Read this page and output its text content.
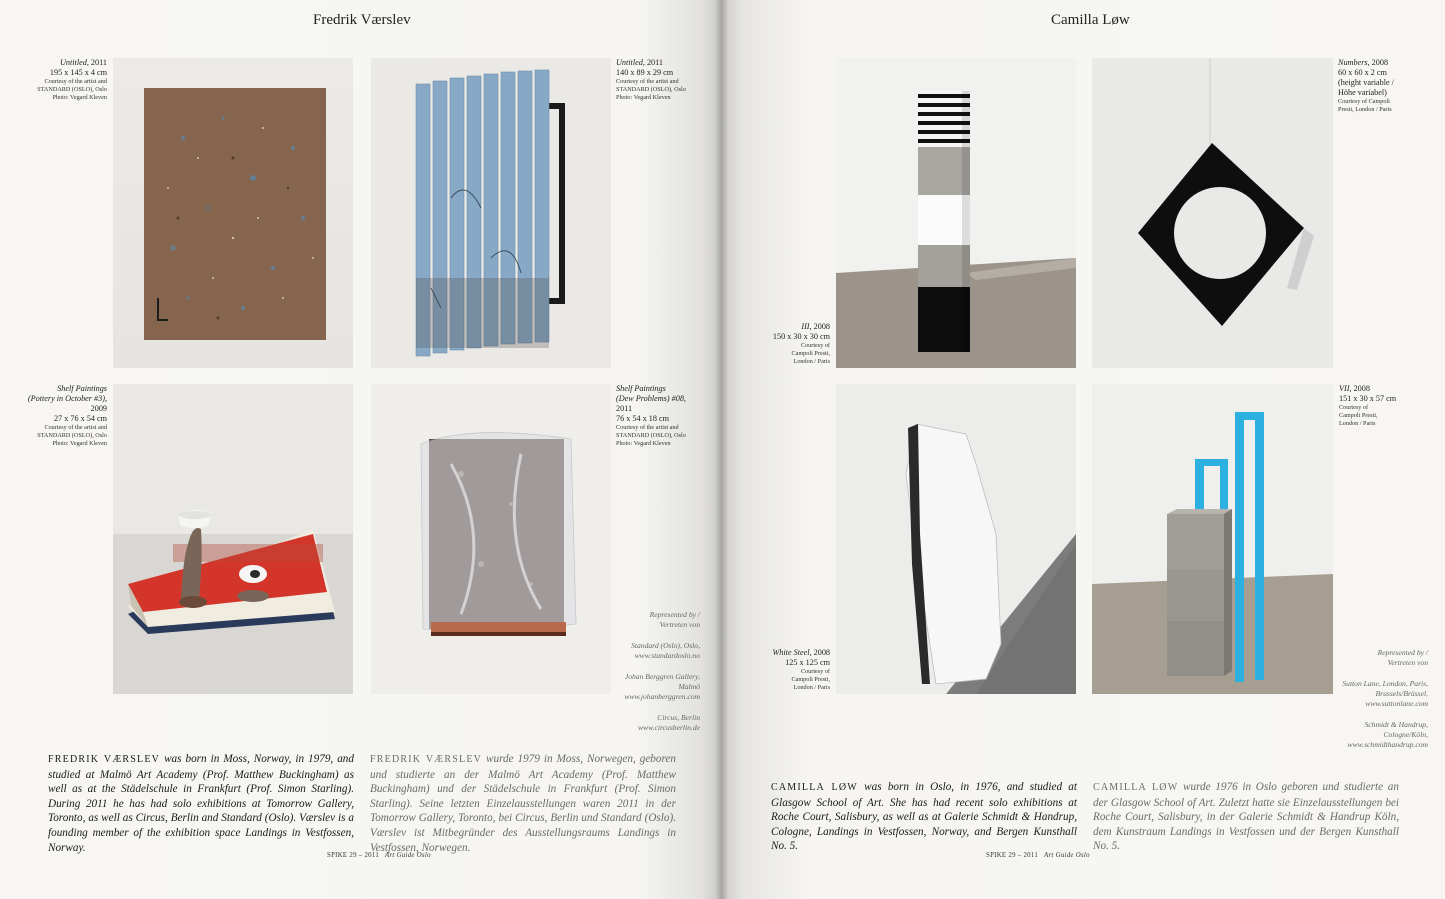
Fredrik Værslev
Untitled, 2011
195 x 145 x 4 cm
Courtesy of the artist and
STANDARD (OSLO), Oslo
Photo: Vegard Kleven
Untitled, 2011
140 x 89 x 29 cm
Courtesy of the artist and
STANDARD (OSLO), Oslo
Photo: Vegard Kleven
Shelf Paintings
(Pottery in October #3),
2009
27 x 76 x 54 cm
Courtesy of the artist and
STANDARD (OSLO), Oslo
Photo: Vegard Kleven
Shelf Paintings
(Dew Problems) #08,
2011
76 x 54 x 18 cm
Courtesy of the artist and
STANDARD (OSLO), Oslo
Photo: Vegard Kleven
Represented by /
Vertreten von
Standard (Oslo), Oslo,
www.standardoslo.no
Johan Berggren Gallery,
Malmö
www.johanberggren.com
Circus, Berlin
www.circusberlin.de
FREDRIK VÆRSLEV was born in Moss, Norway, in 1979, and studied at Malmö Art Academy (Prof. Matthew Buckingham) as well as at the Städelschule in Frankfurt (Prof. Simon Starling). During 2011 he has had solo exhibitions at Tomorrow Gallery, Toronto, as well as Circus, Berlin and Standard (Oslo). Værslev is a founding member of the exhibition space Landings in Vestfossen, Norway.
FREDRIK VÆRSLEV wurde 1979 in Moss, Norwegen, geboren und studierte an der Malmö Art Academy (Prof. Matthew Buckingham) und der Städelschule in Frankfurt (Prof. Simon Starling). Seine letzten Einzelausstellungen waren 2011 in der Tomorrow Gallery, Toronto, bei Circus, Berlin und Standard (Oslo). Værslev ist Mitbegründer des Ausstellungsraums Landings in Vestfossen, Norwegen.
SPIKE 29 – 2011 Art Guide Oslo
Camilla Løw
III, 2008
150 x 30 x 30 cm
Courtesy of
Campoli Presti,
London / Paris
Numbers, 2008
60 x 60 x 2 cm
(height variable /
Höhe variabel)
Courtesy of Campoli
Presti, London / Paris
White Steel, 2008
125 x 125 cm
Courtesy of
Campoli Presti,
London / Paris
VII, 2008
151 x 30 x 57 cm
Courtesy of
Campoli Presti,
London / Paris
Represented by /
Vertreten von
Sutton Lane, London, Paris,
Brussels/Brüssel,
www.suttonlane.com
Schmidt & Handrup,
Cologne/Köln,
www.schmidthandrup.com
CAMILLA LØW was born in Oslo, in 1976, and studied at Glasgow School of Art. She has had recent solo exhibitions at Roche Court, Salisbury, as well as at Galerie Schmidt & Handrup, Cologne, Landings in Vestfossen, Norway, and Bergen Kunsthall No. 5.
CAMILLA LØW wurde 1976 in Oslo geboren und studierte an der Glasgow School of Art. Zuletzt hatte sie Einzelausstellungen bei Roche Court, Salisbury, in der Galerie Schmidt & Handrup Köln, dem Kunstraum Landings in Vestfossen und der Bergen Kunsthall No. 5.
SPIKE 29 – 2011 Art Guide Oslo
